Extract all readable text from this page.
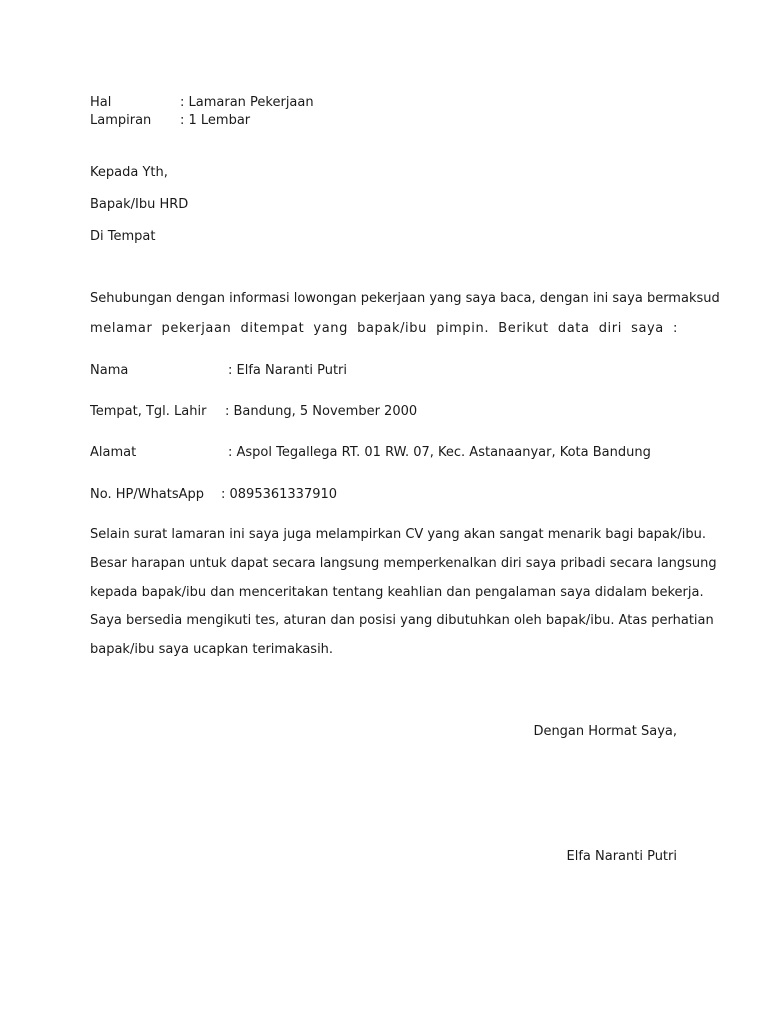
Hal	: Lamaran Pekerjaan
Lampiran : 1 Lembar
Kepada Yth,
Bapak/Ibu HRD
Di Tempat
Sehubungan dengan informasi lowongan pekerjaan yang saya baca, dengan ini saya bermaksud
melamar pekerjaan ditempat yang bapak/ibu pimpin. Berikut data diri saya :
Nama	: Elfa Naranti Putri
Tempat, Tgl. Lahir : Bandung, 5 November 2000
Alamat	: Aspol Tegallega RT. 01 RW. 07, Kec. Astanaanyar, Kota Bandung
No. HP/WhatsApp : 0895361337910
Selain surat lamaran ini saya juga melampirkan CV yang akan sangat menarik bagi bapak/ibu.
Besar harapan untuk dapat secara langsung memperkenalkan diri saya pribadi secara langsung
kepada bapak/ibu dan menceritakan tentang keahlian dan pengalaman saya didalam bekerja.
Saya bersedia mengikuti tes, aturan dan posisi yang dibutuhkan oleh bapak/ibu. Atas perhatian
bapak/ibu saya ucapkan terimakasih.
Dengan Hormat Saya,
Elfa Naranti Putri
